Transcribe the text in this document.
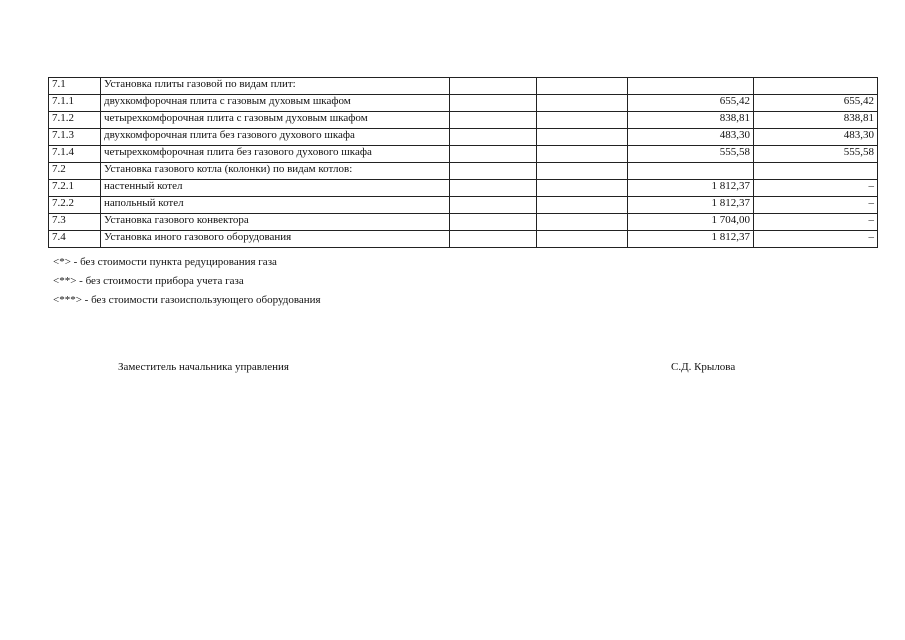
7.1	Установка плиты газовой по видам плит:				
7.1.1	двухкомфорочная плита с газовым духовым шкафом			655,42	655,42
7.1.2	четырехкомфорочная плита с газовым духовым шкафом			838,81	838,81
7.1.3	двухкомфорочная плита без газового духового шкафа			483,30	483,30
7.1.4	четырехкомфорочная плита без газового духового шкафа			555,58	555,58
7.2	Установка газового котла (колонки) по видам котлов:				
7.2.1	настенный котел			1 812,37	–
7.2.2	напольный котел			1 812,37	–
7.3	Установка газового конвектора			1 704,00	–
7.4	Установка иного газового оборудования			1 812,37	–
<*> - без стоимости пункта редуцирования газа
<**> - без стоимости прибора учета газа
<***> - без стоимости газоиспользующего оборудования
Заместитель начальника управления	С.Д. Крылова
